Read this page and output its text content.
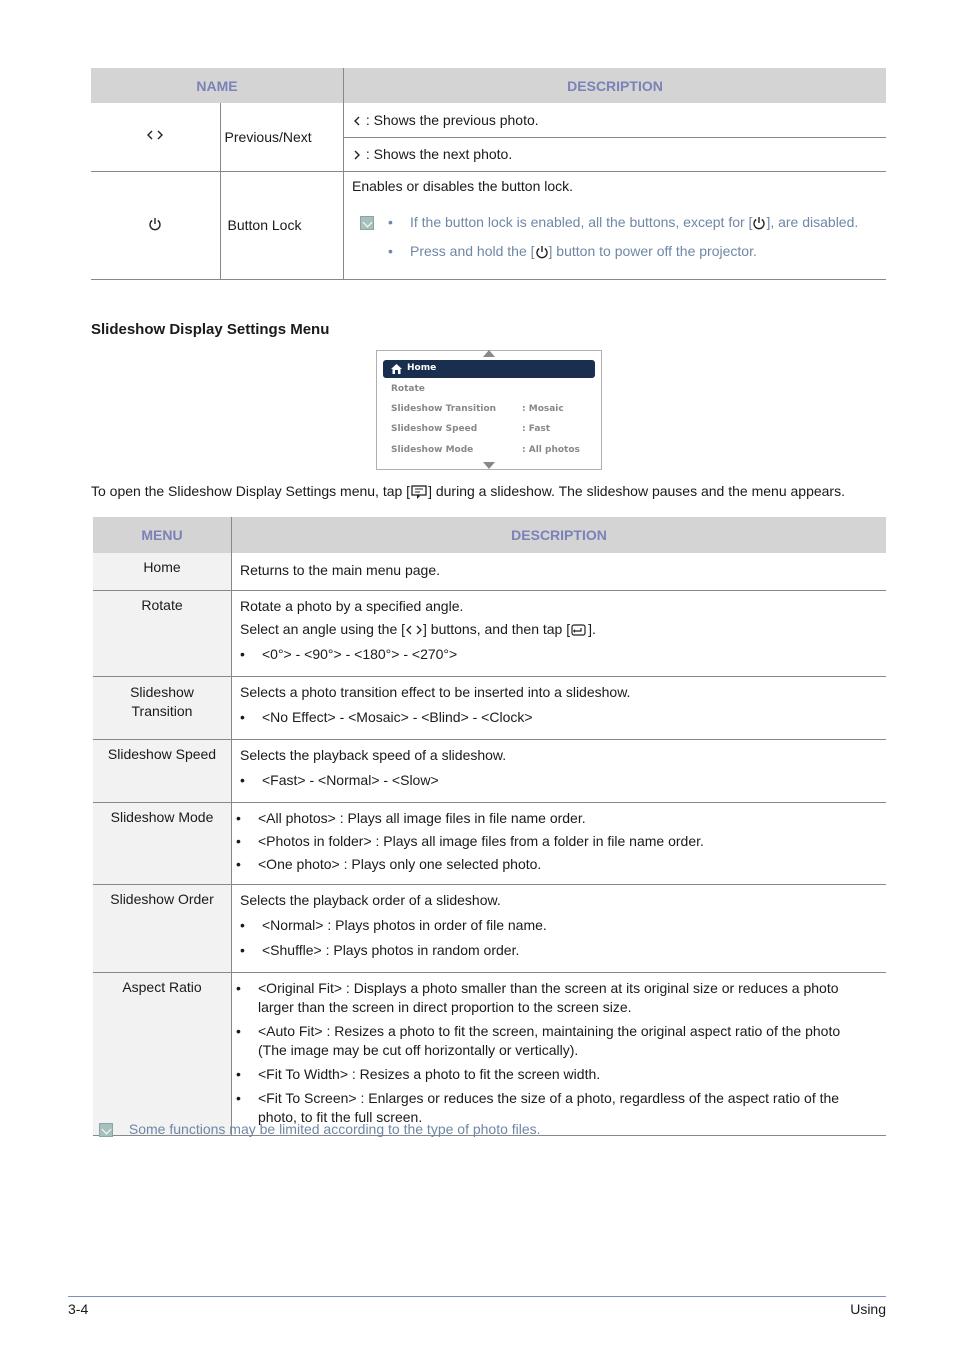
NAME		DESCRIPTION
	Previous/Next	: Shows the previous photo.
		: Shows the next photo.
	Button Lock	Enables or disables the button lock.
• If the button lock is enabled, all the buttons, except for [ ], are disabled.
• Press and hold the [ ] button to power off the projector.
Slideshow Display Settings Menu
Home
Rotate
Slideshow Transition	: Mosaic
Slideshow Speed	: Fast
Slideshow Mode	: All photos
To open the Slideshow Display Settings menu, tap [ ] during a slideshow. The slideshow pauses and the menu appears.
MENU	DESCRIPTION
Home	Returns to the main menu page.

Rotate	Rotate a photo by a specified angle.
Select an angle using the [ ] buttons, and then tap [ ].
• <0°> - <90°> - <180°> - <270°>

Slideshow Transition	Selects a photo transition effect to be inserted into a slideshow.
• <No Effect> - <Mosaic> - <Blind> - <Clock>

Slideshow Speed	Selects the playback speed of a slideshow.
• <Fast> - <Normal> - <Slow>

Slideshow Mode	• <All photos> : Plays all image files in file name order.
• <Photos in folder> : Plays all image files from a folder in file name order.
• <One photo> : Plays only one selected photo.

Slideshow Order	Selects the playback order of a slideshow.
• <Normal> : Plays photos in order of file name.
• <Shuffle> : Plays photos in random order.

Aspect Ratio	• <Original Fit> : Displays a photo smaller than the screen at its original size or reduces a photo larger than the screen in direct proportion to the screen size.
• <Auto Fit> : Resizes a photo to fit the screen, maintaining the original aspect ratio of the photo (The image may be cut off horizontally or vertically).
• <Fit To Width> : Resizes a photo to fit the screen width.
• <Fit To Screen> : Enlarges or reduces the size of a photo, regardless of the aspect ratio of the photo, to fit the full screen.
Some functions may be limited according to the type of photo files.
3-4	Using
